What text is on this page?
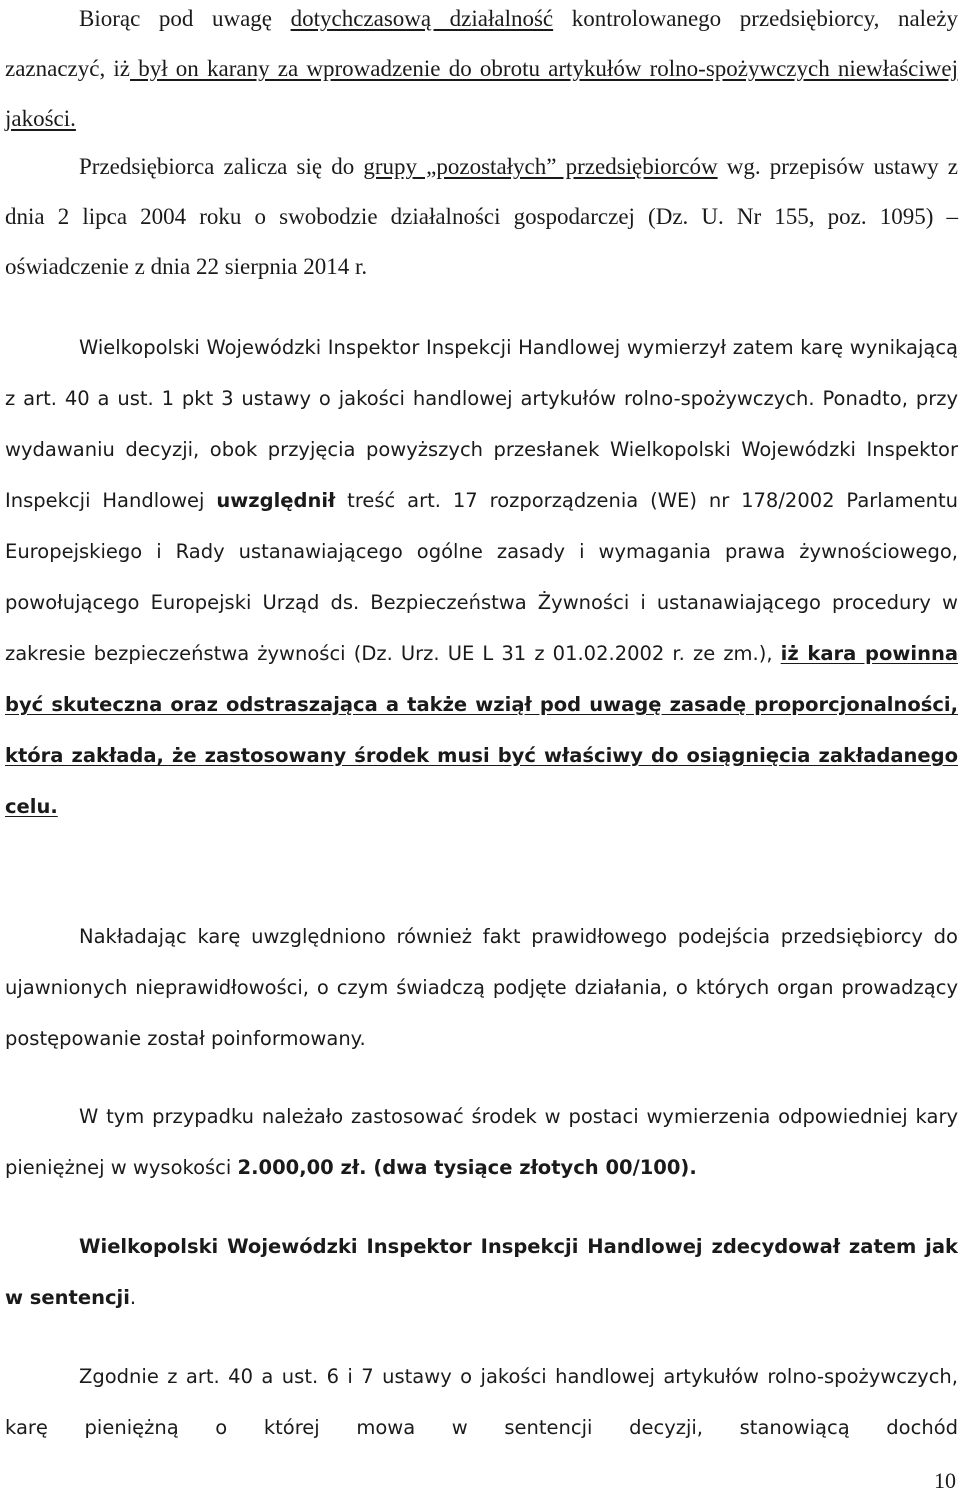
Biorąc pod uwagę dotychczasową działalność kontrolowanego przedsiębiorcy, należy zaznaczyć, iż był on karany za wprowadzenie do obrotu artykułów rolno-spożywczych niewłaściwej jakości.

Przedsiębiorca zalicza się do grupy „pozostałych” przedsiębiorców wg. przepisów ustawy z dnia 2 lipca 2004 roku o swobodzie działalności gospodarczej (Dz. U. Nr 155, poz. 1095) – oświadczenie z dnia 22 sierpnia 2014 r.

Wielkopolski Wojewódzki Inspektor Inspekcji Handlowej wymierzył zatem karę wynikającą z art. 40 a ust. 1 pkt 3 ustawy o jakości handlowej artykułów rolno-spożywczych. Ponadto, przy wydawaniu decyzji, obok przyjęcia powyższych przesłanek Wielkopolski Wojewódzki Inspektor Inspekcji Handlowej uwzględnił treść art. 17 rozporządzenia (WE) nr 178/2002 Parlamentu Europejskiego i Rady ustanawiającego ogólne zasady i wymagania prawa żywnościowego, powołującego Europejski Urząd ds. Bezpieczeństwa Żywności i ustanawiającego procedury w zakresie bezpieczeństwa żywności (Dz. Urz. UE L 31 z 01.02.2002 r. ze zm.), iż kara powinna być skuteczna oraz odstraszająca a także wziął pod uwagę zasadę proporcjonalności, która zakłada, że zastosowany środek musi być właściwy do osiągnięcia zakładanego celu.

Nakładając karę uwzględniono również fakt prawidłowego podejścia przedsiębiorcy do ujawnionych nieprawidłowości, o czym świadczą podjęte działania, o których organ prowadzący postępowanie został poinformowany.

W tym przypadku należało zastosować środek w postaci wymierzenia odpowiedniej kary pieniężnej w wysokości 2.000,00 zł. (dwa tysiące złotych 00/100).

Wielkopolski Wojewódzki Inspektor Inspekcji Handlowej zdecydował zatem jak w sentencji.

Zgodnie z art. 40 a ust. 6 i 7 ustawy o jakości handlowej artykułów rolno-spożywczych, karę pieniężną o której mowa w sentencji decyzji, stanowiącą dochód

10
